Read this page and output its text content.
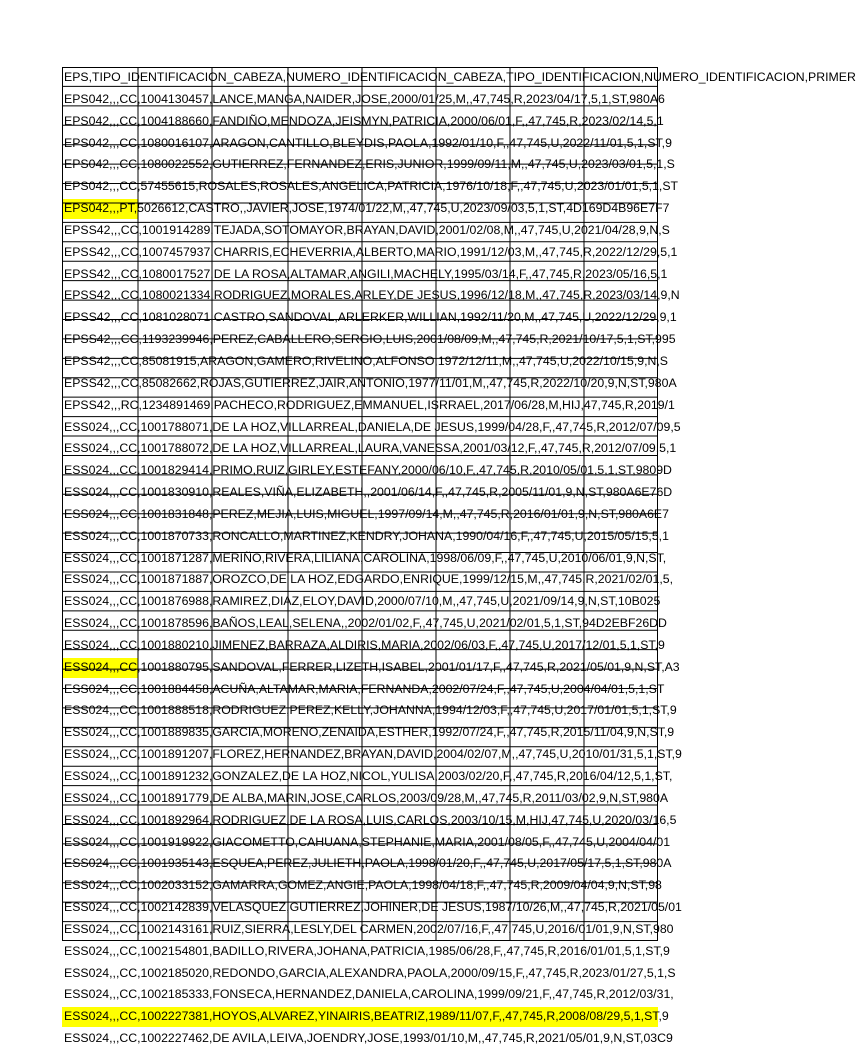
EPS,TIPO_IDENTIFICACION_CABEZA,NUMERO_IDENTIFICACION_CABEZA,TIPO_IDENTIFICACION,NUMERO_IDENTIFICACION,PRIMER
EPS042,,,CC,1004130457,LANCE,MANGA,NAIDER,JOSE,2000/01/25,M,,47,745,R,2023/04/17,5,1,ST,980A6
EPS042,,,CC,1004188660,FANDIÑO,MENDOZA,JEISMYN,PATRICIA,2000/06/01,F,,47,745,R,2023/02/14,5,1
EPS042,,,CC,1080016107,ARAGON,CANTILLO,BLEYDIS,PAOLA,1992/01/10,F,,47,745,U,2022/11/01,5,1,ST,9
EPS042,,,CC,1080022552,GUTIERREZ,FERNANDEZ,ERIS,JUNIOR,1999/09/11,M,,47,745,U,2023/03/01,5,1,S
EPS042,,,CC,57455615,ROSALES,ROSALES,ANGELICA,PATRICIA,1976/10/18,F,,47,745,U,2023/01/01,5,1,ST
EPS042,,,PT,5026612,CASTRO,,JAVIER,JOSE,1974/01/22,M,,47,745,U,2023/09/03,5,1,ST,4D169D4B96E7F7
EPSS42,,,CC,1001914289,TEJADA,SOTOMAYOR,BRAYAN,DAVID,2001/02/08,M,,47,745,U,2021/04/28,9,N,S
EPSS42,,,CC,1007457937,CHARRIS,ECHEVERRIA,ALBERTO,MARIO,1991/12/03,M,,47,745,R,2022/12/29,5,1
EPSS42,,,CC,1080017527,DE LA ROSA,ALTAMAR,ANGILI,MACHELY,1995/03/14,F,,47,745,R,2023/05/16,5,1
EPSS42,,,CC,1080021334,RODRIGUEZ,MORALES,ARLEY,DE JESUS,1996/12/18,M,,47,745,R,2023/03/14,9,N
EPSS42,,,CC,1081028071,CASTRO,SANDOVAL,ARLERKER,WILLIAN,1992/11/20,M,,47,745,U,2022/12/29,9,1
EPSS42,,,CC,1193239946,PEREZ,CABALLERO,SERGIO,LUIS,2001/08/09,M,,47,745,R,2021/10/17,5,1,ST,995
EPSS42,,,CC,85081915,ARAGON,GAMERO,RIVELINO,ALFONSO,1972/12/11,M,,47,745,U,2022/10/15,9,N,S
EPSS42,,,CC,85082662,ROJAS,GUTIERREZ,JAIR,ANTONIO,1977/11/01,M,,47,745,R,2022/10/20,9,N,ST,980A
EPSS42,,,RC,1234891469,PACHECO,RODRIGUEZ,EMMANUEL,ISRRAEL,2017/06/28,M,HIJ,47,745,R,2019/1
ESS024,,,CC,1001788071,DE LA HOZ,VILLARREAL,DANIELA,DE JESUS,1999/04/28,F,,47,745,R,2012/07/09,5
ESS024,,,CC,1001788072,DE LA HOZ,VILLARREAL,LAURA,VANESSA,2001/03/12,F,,47,745,R,2012/07/09,5,1
ESS024,,,CC,1001829414,PRIMO,RUIZ,GIRLEY,ESTEFANY,2000/06/10,F,,47,745,R,2010/05/01,5,1,ST,9809D
ESS024,,,CC,1001830910,REALES,VIÑA,ELIZABETH,,2001/06/14,F,,47,745,R,2005/11/01,9,N,ST,980A6E76D
ESS024,,,CC,1001831848,PEREZ,MEJIA,LUIS,MIGUEL,1997/09/14,M,,47,745,R,2016/01/01,9,N,ST,980A6E7
ESS024,,,CC,1001870733,RONCALLO,MARTINEZ,KENDRY,JOHANA,1990/04/16,F,,47,745,U,2015/05/15,5,1
ESS024,,,CC,1001871287,MERIÑO,RIVERA,LILIANA,CAROLINA,1998/06/09,F,,47,745,U,2010/06/01,9,N,ST,
ESS024,,,CC,1001871887,OROZCO,DE LA HOZ,EDGARDO,ENRIQUE,1999/12/15,M,,47,745,R,2021/02/01,5,
ESS024,,,CC,1001876988,RAMIREZ,DIAZ,ELOY,DAVID,2000/07/10,M,,47,745,U,2021/09/14,9,N,ST,10B025
ESS024,,,CC,1001878596,BAÑOS,LEAL,SELENA,,2002/01/02,F,,47,745,U,2021/02/01,5,1,ST,94D2EBF26DD
ESS024,,,CC,1001880210,JIMENEZ,BARRAZA,ALDIRIS,MARIA,2002/06/03,F,,47,745,U,2017/12/01,5,1,ST,9
ESS024,,,CC,1001880795,SANDOVAL,FERRER,LIZETH,ISABEL,2001/01/17,F,,47,745,R,2021/05/01,9,N,ST,A3
ESS024,,,CC,1001884458,ACUÑA,ALTAMAR,MARIA,FERNANDA,2002/07/24,F,,47,745,U,2004/04/01,5,1,ST
ESS024,,,CC,1001888518,RODRIGUEZ,PEREZ,KELLY,JOHANNA,1994/12/03,F,,47,745,U,2017/01/01,5,1,ST,9
ESS024,,,CC,1001889835,GARCIA,MORENO,ZENAIDA,ESTHER,1992/07/24,F,,47,745,R,2015/11/04,9,N,ST,9
ESS024,,,CC,1001891207,FLOREZ,HERNANDEZ,BRAYAN,DAVID,2004/02/07,M,,47,745,U,2010/01/31,5,1,ST,9
ESS024,,,CC,1001891232,GONZALEZ,DE LA HOZ,NICOL,YULISA,2003/02/20,F,,47,745,R,2016/04/12,5,1,ST,
ESS024,,,CC,1001891779,DE ALBA,MARIN,JOSE,CARLOS,2003/09/28,M,,47,745,R,2011/03/02,9,N,ST,980A
ESS024,,,CC,1001892964,RODRIGUEZ,DE LA ROSA,LUIS,CARLOS,2003/10/15,M,HIJ,47,745,U,2020/03/16,5
ESS024,,,CC,1001919922,GIACOMETTO,CAHUANA,STEPHANIE,MARIA,2001/08/05,F,,47,745,U,2004/04/01
ESS024,,,CC,1001935143,ESQUEA,PEREZ,JULIETH,PAOLA,1998/01/20,F,,47,745,U,2017/05/17,5,1,ST,980A
ESS024,,,CC,1002033152,GAMARRA,GOMEZ,ANGIE,PAOLA,1998/04/18,F,,47,745,R,2009/04/04,9,N,ST,98
ESS024,,,CC,1002142839,VELASQUEZ,GUTIERREZ,JOHINER,DE JESUS,1987/10/26,M,,47,745,R,2021/05/01
ESS024,,,CC,1002143161,RUIZ,SIERRA,LESLY,DEL CARMEN,2002/07/16,F,,47,745,U,2016/01/01,9,N,ST,980
ESS024,,,CC,1002154801,BADILLO,RIVERA,JOHANA,PATRICIA,1985/06/28,F,,47,745,R,2016/01/01,5,1,ST,9
ESS024,,,CC,1002185020,REDONDO,GARCIA,ALEXANDRA,PAOLA,2000/09/15,F,,47,745,R,2023/01/27,5,1,S
ESS024,,,CC,1002185333,FONSECA,HERNANDEZ,DANIELA,CAROLINA,1999/09/21,F,,47,745,R,2012/03/31,
ESS024,,,CC,1002227381,HOYOS,ALVAREZ,YINAIRIS,BEATRIZ,1989/11/07,F,,47,745,R,2008/08/29,5,1,ST,9
ESS024,,,CC,1002227462,DE AVILA,LEIVA,JOENDRY,JOSE,1993/01/10,M,,47,745,R,2021/05/01,9,N,ST,03C9
